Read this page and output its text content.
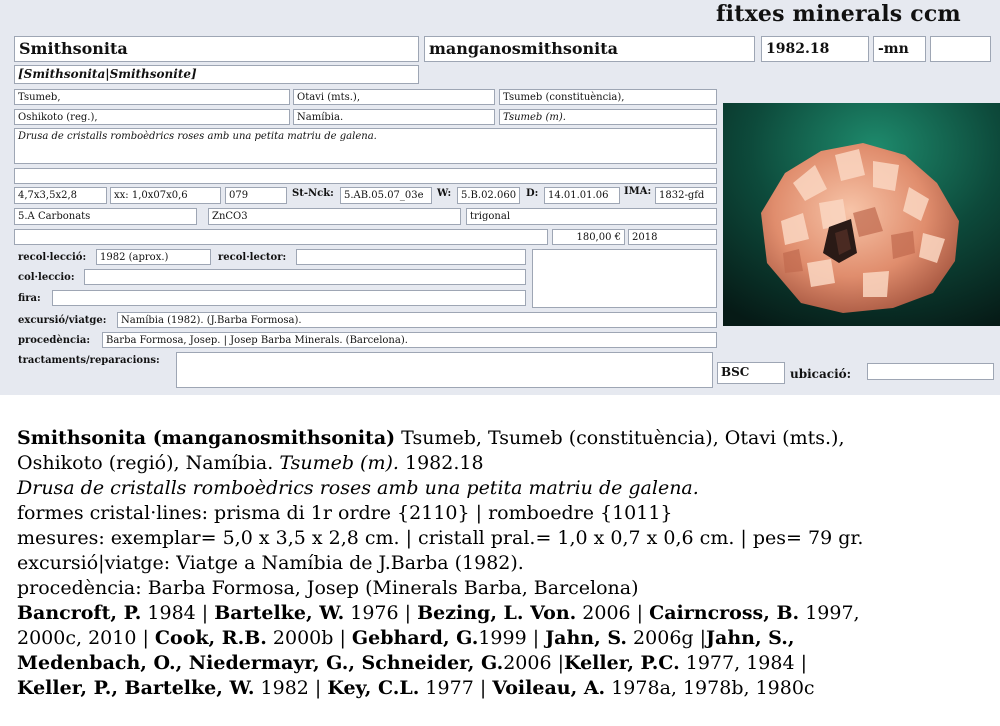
fitxes minerals ccm
Smithsonita	manganosmithsonita	1982.18	-mn
[Smithsonita|Smithsonite]
Tsumeb,	Otavi (mts.),	Tsumeb (constituència),
Oshikoto (reg.),	Namíbia.	Tsumeb (m).
Drusa de cristalls romboèdrics roses amb una petita matriu de galena.
4,7x3,5x2,8	xx: 1,0x07x0,6	079	St-Nck:	5.AB.05.07_03e	W: 5.B.02.060 D: 14.01.01.06	IMA: 1832-gfd
5.A Carbonats	ZnCO3	trigonal
180,00 €	2018
recol·lecció:	1982 (aprox.)	recol·lector:
col·leccio:
fira:
excursió/viatge:	Namíbia (1982). (J.Barba Formosa).
procedència:	Barba Formosa, Josep. | Josep Barba Minerals. (Barcelona).
tractaments/reparacions:
BSC	ubicació:
Smithsonita (manganosmithsonita) Tsumeb, Tsumeb (constituència), Otavi (mts.),
Oshikoto (regió), Namíbia. Tsumeb (m). 1982.18
Drusa de cristalls romboèdrics roses amb una petita matriu de galena.
formes cristal·lines: prisma di 1r ordre {2110} | romboedre {1011}
mesures: exemplar= 5,0 x 3,5 x 2,8 cm. | cristall pral.= 1,0 x 0,7 x 0,6 cm. | pes= 79 gr.
excursió|viatge: Viatge a Namíbia de J.Barba (1982).
procedència: Barba Formosa, Josep (Minerals Barba, Barcelona)
Bancroft, P. 1984 | Bartelke, W. 1976 | Bezing, L. Von. 2006 | Cairncross, B. 1997,
2000c, 2010 | Cook, R.B. 2000b | Gebhard, G.1999 | Jahn, S. 2006g |Jahn, S.,
Medenbach, O., Niedermayr, G., Schneider, G.2006 |Keller, P.C. 1977, 1984 |
Keller, P., Bartelke, W. 1982 | Key, C.L. 1977 | Voileau, A. 1978a, 1978b, 1980c
